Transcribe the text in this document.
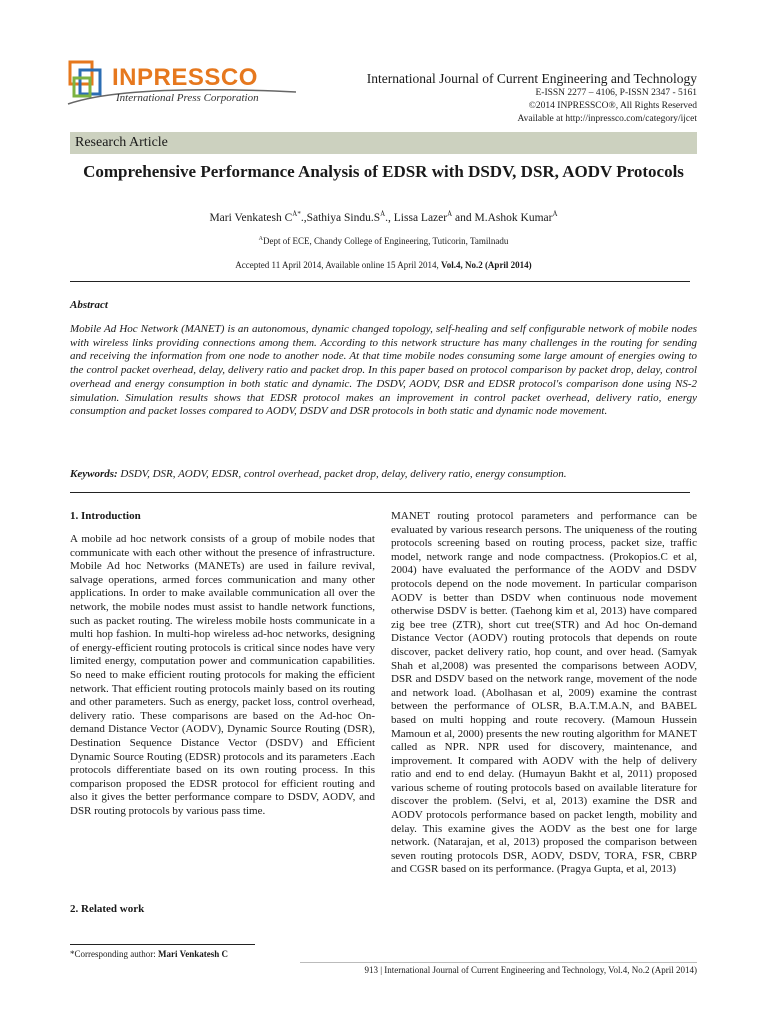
INPRESSCO
International Press Corporation
International Journal of Current Engineering and Technology
E-ISSN 2277 – 4106, P-ISSN 2347 - 5161
©2014 INPRESSCO®, All Rights Reserved
Available at http://inpressco.com/category/ijcet
Research Article
Comprehensive Performance Analysis of EDSR with DSDV, DSR, AODV Protocols
Mari Venkatesh $C^{Ȧ*}.,Sathiya$ $Sindu.S^Ȧ$., Lissa Lazer$^Ȧ$ and M.Ashok Kumar$^Ȧ$
$^A$Dept of ECE, Chandy College of Engineering, Tuticorin, Tamilnadu
Accepted 11 April 2014, Available online 15 April 2014, Vol.4, No.2 (April 2014)
Abstract
Mobile Ad Hoc Network (MANET) is an autonomous, dynamic changed topology, self-healing and self configurable network of mobile nodes with wireless links providing connections among them. According to this network structure has many challenges in the routing for sending and receiving the information from one node to another node. At that time mobile nodes consuming some large amount of energies owing to the control packet overhead, delay, delivery ratio and packet drop. In this paper based on protocol comparison by packet drop, delay, control overhead and energy consumption in both static and dynamic. The DSDV, AODV, DSR and EDSR protocol's comparison done using NS-2 simulation. Simulation results shows that EDSR protocol makes an improvement in control packet overhead, delivery ratio, energy consumption and packet losses compared to AODV, DSDV and DSR protocols in both static and dynamic node movement.
Keywords: DSDV, DSR, AODV, EDSR, control overhead, packet drop, delay, delivery ratio, energy consumption.
1. Introduction
A mobile ad hoc network consists of a group of mobile nodes that communicate with each other without the presence of infrastructure. Mobile Ad hoc Networks (MANETs) are used in failure revival, salvage operations, armed forces communication and many other applications. In order to make available communication all over the network, the mobile nodes must assist to handle network functions, such as packet routing. The wireless mobile hosts communicate in a multi hop fashion. In multi-hop wireless ad-hoc networks, designing of energy-efficient routing protocols is critical since nodes have very limited energy, computation power and communication capabilities. So need to make efficient routing protocols for making the efficient network. That efficient routing protocols mainly based on its routing and other parameters. Such as energy, packet loss, control overhead, delivery ratio. These comparisons are based on the Ad-hoc On-demand Distance Vector (AODV), Dynamic Source Routing (DSR), Destination Sequence Distance Vector (DSDV) and Efficient Dynamic Source Routing (EDSR) protocols and its parameters .Each protocols differentiate based on its own routing process. In this comparison proposed the EDSR protocol for efficient routing and also it gives the better performance compare to DSDV, AODV, and DSR routing protocols by various pass time.
2. Related work
MANET routing protocol parameters and performance can be evaluated by various research persons. The uniqueness of the routing protocols screening based on routing process, packet size, traffic model, network range and node compactness. (Prokopios.C et al, 2004) have evaluated the performance of the AODV and DSDV protocols depend on the node movement. In particular comparison AODV is better than DSDV when continuous node movement otherwise DSDV is better. (Taehong kim et al, 2013) have compared zig bee tree (ZTR), short cut tree(STR) and Ad hoc On-demand Distance Vector (AODV) routing protocols that depends on route discover, packet delivery ratio, hop count, and over head. (Samyak Shah et al,2008) was presented the comparisons between AODV, DSR and DSDV based on the network range, movement of the node and network load. (Abolhasan et al, 2009) examine the contrast between the performance of OLSR, B.A.T.M.A.N, and BABEL based on multi hopping and route recovery. (Mamoun Hussein Mamoun et al, 2000) presents the new routing algorithm for MANET called as NPR. NPR used for discovery, maintenance, and improvement. It compared with AODV with the help of delivery ratio and end to end delay. (Humayun Bakht et al, 2011) proposed various scheme of routing protocols based on available literature for discover the problem. (Selvi, et al, 2013) examine the DSR and AODV protocols performance based on packet length, mobility and delay. This examine gives the AODV as the best one for large network. (Natarajan, et al, 2013) proposed the comparison between seven routing protocols DSR, AODV, DSDV, TORA, FSR, CBRP and CGSR based on its performance. (Pragya Gupta, et al, 2013)
*Corresponding author: Mari Venkatesh C
913 | International Journal of Current Engineering and Technology, Vol.4, No.2 (April 2014)
